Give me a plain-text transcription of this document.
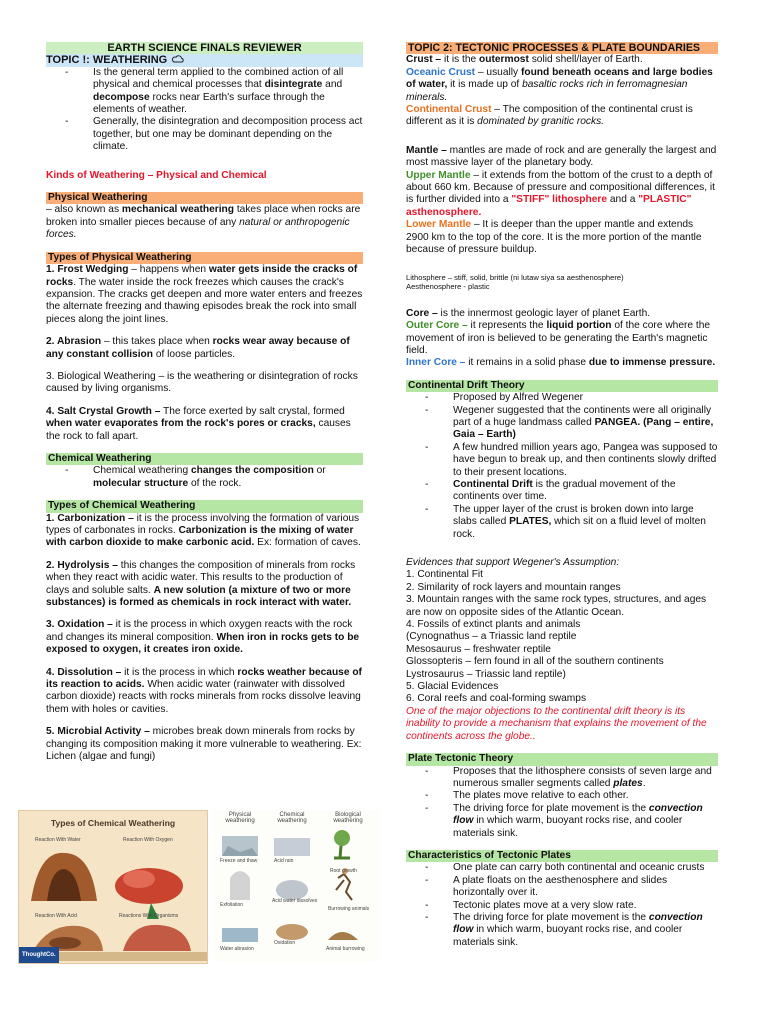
EARTH SCIENCE FINALS REVIEWER
TOPIC !: WEATHERING
- Is the general term applied to the combined action of all physical and chemical processes that disintegrate and decompose rocks near Earth's surface through the elements of weather.
- Generally, the disintegration and decomposition process act together, but one may be dominant depending on the climate.

Kinds of Weathering – Physical and Chemical

Physical Weathering

– also known as mechanical weathering takes place when rocks are broken into smaller pieces because of any natural or anthropogenic forces.

Types of Physical Weathering

1. Frost Wedging – happens when water gets inside the cracks of rocks. The water inside the rock freezes which causes the crack's expansion. The cracks get deepen and more water enters and freezes the alternate freezing and thawing episodes break the rock into small pieces along the joint lines.

2. Abrasion – this takes place when rocks wear away because of any constant collision of loose particles.

3. Biological Weathering – is the weathering or disintegration of rocks caused by living organisms.

4. Salt Crystal Growth – The force exerted by salt crystal, formed when water evaporates from the rock's pores or cracks, causes the rock to fall apart.

Chemical Weathering
- Chemical weathering changes the composition or molecular structure of the rock.
Types of Chemical Weathering

1. Carbonization – it is the process involving the formation of various types of carbonates in rocks. Carbonization is the mixing of water with carbon dioxide to make carbonic acid. Ex: formation of caves.

2. Hydrolysis – this changes the composition of minerals from rocks when they react with acidic water. This results to the production of clays and soluble salts. A new solution (a mixture of two or more substances) is formed as chemicals in rock interact with water.

3. Oxidation – it is the process in which oxygen reacts with the rock and changes its mineral composition. When iron in rocks gets to be exposed to oxygen, it creates iron oxide.

4. Dissolution – it is the process in which rocks weather because of its reaction to acids. When acidic water (rainwater with dissolved carbon dioxide) reacts with rocks minerals from rocks dissolve leaving them with holes or cavities.

5. Microbial Activity – microbes break down minerals from rocks by changing its composition making it more vulnerable to weathering. Ex: Lichen (algae and fungi)

Types of Chemical Weathering
Reaction With Water	Reaction With Oxygen
Reaction With Acid	Reactions With Organisms
ThoughtCo.
Physical weathering
Chemical weathering
Biological weathering
Freeze and thaw	Acid rain
Root growth
Exfoliation
Acid water dissolves
Burrowing animals
Water abrasion
Oxidation
Animal burrowing
TOPIC 2: TECTONIC PROCESSES & PLATE BOUNDARIES

Crust – it is the outermost solid shell/layer of Earth.

Oceanic Crust – usually found beneath oceans and large bodies of water, it is made up of basaltic rocks rich in ferromagnesian minerals.

Continental Crust – The composition of the continental crust is different as it is dominated by granitic rocks.

Mantle – mantles are made of rock and are generally the largest and most massive layer of the planetary body.

Upper Mantle – it extends from the bottom of the crust to a depth of about 660 km. Because of pressure and compositional differences, it is further divided into a "STIFF" lithosphere and a "PLASTIC" asthenosphere.

Lower Mantle – It is deeper than the upper mantle and extends 2900 km to the top of the core. It is the more portion of the mantle because of pressure buildup.

Lithosphere – stiff, solid, brittle (ni lutaw siya sa aesthenosphere)

Aesthenosphere - plastic

Core – is the innermost geologic layer of planet Earth.

Outer Core – it represents the liquid portion of the core where the movement of iron is believed to be generating the Earth's magnetic field.

Inner Core – it remains in a solid phase due to immense pressure.

Continental Drift Theory
- Proposed by Alfred Wegener
- Wegener suggested that the continents were all originally part of a huge landmass called PANGEA. (Pang – entire, Gaia – Earth)
- A few hundred million years ago, Pangea was supposed to have begun to break up, and then continents slowly drifted to their present locations.
- Continental Drift is the gradual movement of the continents over time.
- The upper layer of the crust is broken down into large slabs called PLATES, which sit on a fluid level of molten rock.

Evidences that support Wegener's Assumption:

1. Continental Fit

2. Similarity of rock layers and mountain ranges

3. Mountain ranges with the same rock types, structures, and ages are now on opposite sides of the Atlantic Ocean.

4. Fossils of extinct plants and animals

(Cynognathus – a Triassic land reptile

Mesosaurus – freshwater reptile

Glossopteris – fern found in all of the southern continents

Lystrosaurus – Triassic land reptile)

5. Glacial Evidences

6. Coral reefs and coal-forming swamps

One of the major objections to the continental drift theory is its inability to provide a mechanism that explains the movement of the continents across the globe..

Plate Tectonic Theory
- Proposes that the lithosphere consists of seven large and numerous smaller segments called plates.
- The plates move relative to each other.
- The driving force for plate movement is the convection flow in which warm, buoyant rocks rise, and cooler materials sink.
Characteristics of Tectonic Plates
- One plate can carry both continental and oceanic crusts
- A plate floats on the aesthenosphere and slides horizontally over it.
- Tectonic plates move at a very slow rate.
- The driving force for plate movement is the convection flow in which warm, buoyant rocks rise, and cooler materials sink.
